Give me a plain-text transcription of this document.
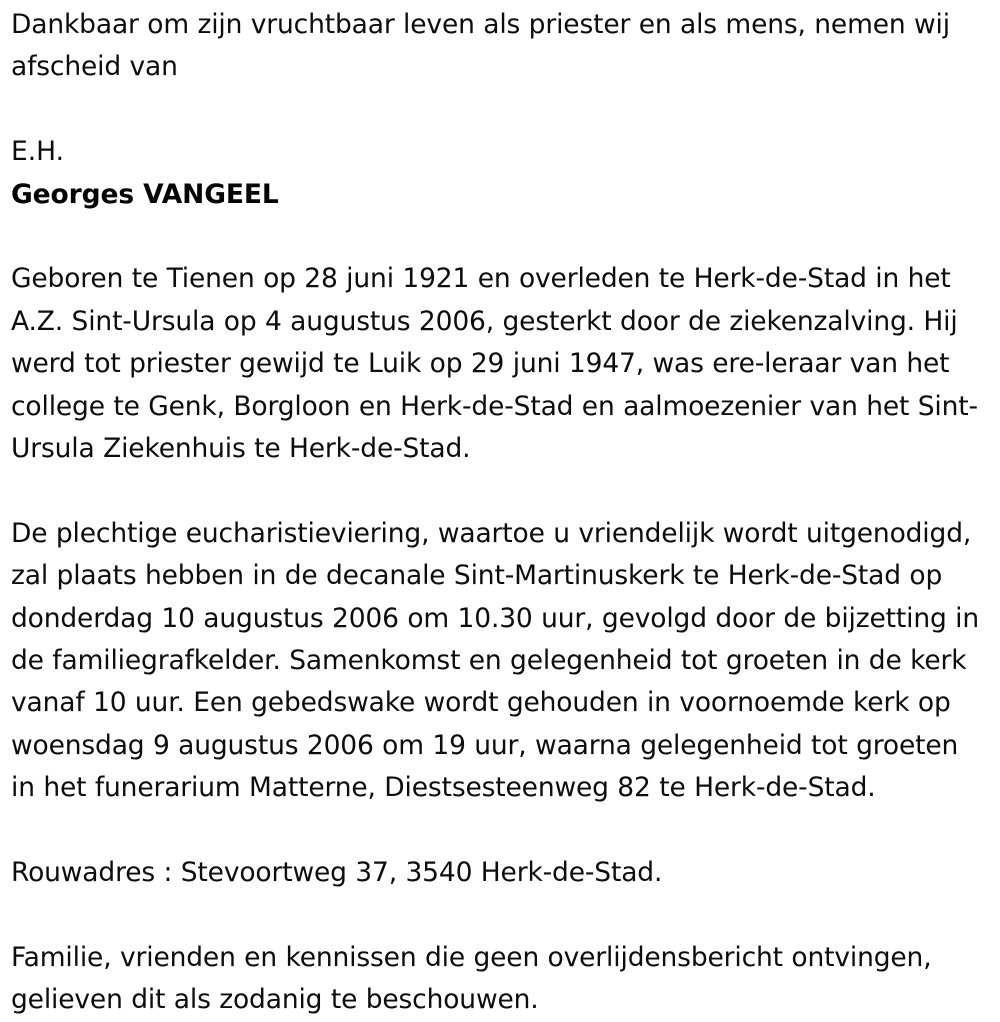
Dankbaar om zijn vruchtbaar leven als priester en als mens, nemen wij afscheid van

E.H.

Georges VANGEEL

Geboren te Tienen op 28 juni 1921 en overleden te Herk-de-Stad in het A.Z. Sint-Ursula op 4 augustus 2006, gesterkt door de ziekenzalving. Hij werd tot priester gewijd te Luik op 29 juni 1947, was ere-leraar van het college te Genk, Borgloon en Herk-de-Stad en aalmoezenier van het Sint-Ursula Ziekenhuis te Herk-de-Stad.

De plechtige eucharistieviering, waartoe u vriendelijk wordt uitgenodigd, zal plaats hebben in de decanale Sint-Martinuskerk te Herk-de-Stad op donderdag 10 augustus 2006 om 10.30 uur, gevolgd door de bijzetting in de familiegrafkelder. Samenkomst en gelegenheid tot groeten in de kerk vanaf 10 uur. Een gebedswake wordt gehouden in voornoemde kerk op woensdag 9 augustus 2006 om 19 uur, waarna gelegenheid tot groeten in het funerarium Matterne, Diestsesteenweg 82 te Herk-de-Stad.

Rouwadres : Stevoortweg 37, 3540 Herk-de-Stad.

Familie, vrienden en kennissen die geen overlijdensbericht ontvingen, gelieven dit als zodanig te beschouwen.
